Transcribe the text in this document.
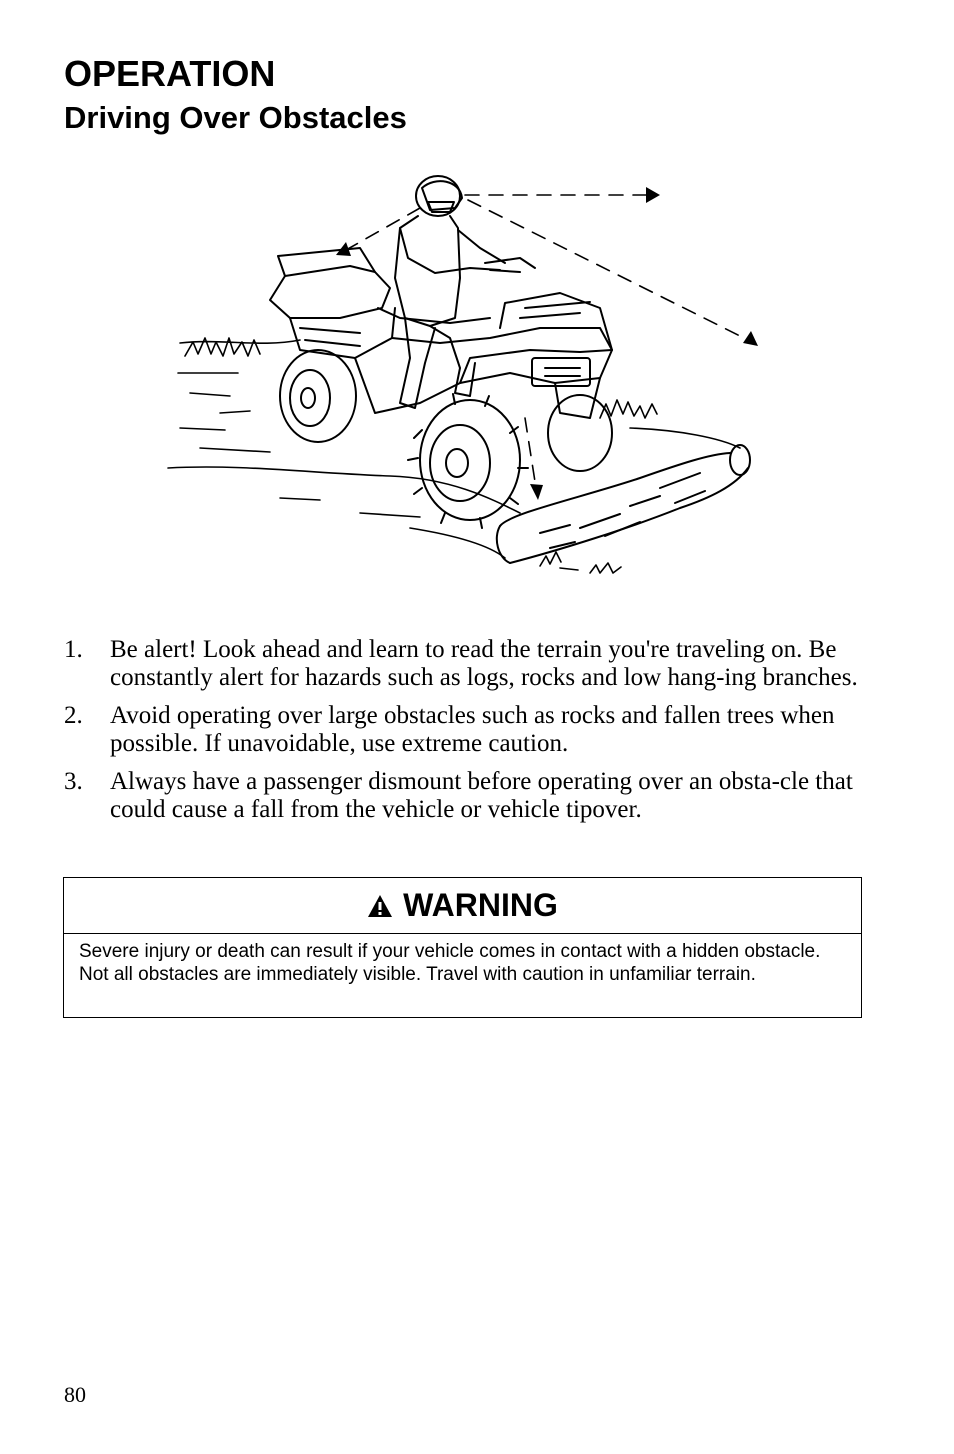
OPERATION
Driving Over Obstacles
1. Be alert! Look ahead and learn to read the terrain you're traveling on. Be constantly alert for hazards such as logs, rocks and low hang-ing branches.
2. Avoid operating over large obstacles such as rocks and fallen trees when possible. If unavoidable, use extreme caution.
3. Always have a passenger dismount before operating over an obsta-cle that could cause a fall from the vehicle or vehicle tipover.
WARNING
Severe injury or death can result if your vehicle comes in contact with a hidden obstacle. Not all obstacles are immediately visible. Travel with caution in unfamiliar terrain.
80
